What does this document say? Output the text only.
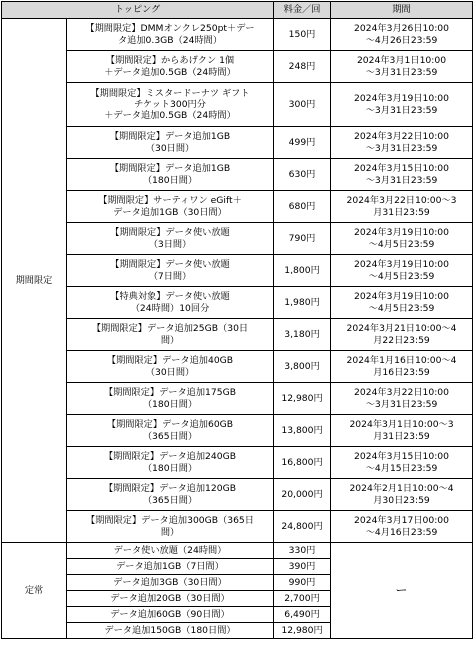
トッピング		料金／回	期間
期間限定	【期間限定】DMMオンクレ250pt＋デー
タ追加0.3GB（24時間）	150円	2024年3月26日10:00
～4月26日23:59
	【期間限定】からあげクン 1個
＋データ追加0.5GB（24時間）	248円	2024年3月1日10:00
～3月31日23:59
	【期間限定】ミスタードーナツ ギフト
チケット300円分
＋データ追加0.5GB（24時間）	300円	2024年3月19日10:00
～3月31日23:59
	【期間限定】データ追加1GB
（30日間）	499円	2024年3月22日10:00
～3月31日23:59
	【期間限定】データ追加1GB
（180日間）	630円	2024年3月15日10:00
～3月31日23:59
	【期間限定】サーティワン eGift＋
データ追加1GB（30日間）	680円	2024年3月22日10:00～3
月31日23:59
	【期間限定】データ使い放題
（3日間）	790円	2024年3月19日10:00
～4月5日23:59
	【期間限定】データ使い放題
（7日間）	1,800円	2024年3月19日10:00
～4月5日23:59
	【特典対象】データ使い放題
（24時間）10回分	1,980円	2024年3月19日10:00
～4月5日23:59
	【期間限定】データ追加25GB（30日
間）	3,180円	2024年3月21日10:00～4
月22日23:59
	【期間限定】データ追加40GB
（30日間）	3,800円	2024年1月16日10:00～4
月16日23:59
	【期間限定】データ追加175GB
（180日間）	12,980円	2024年3月22日10:00
～3月31日23:59
	【期間限定】データ追加60GB
（365日間）	13,800円	2024年3月1日10:00～3
月31日23:59
	【期間限定】データ追加240GB
（180日間）	16,800円	2024年3月15日10:00
～4月15日23:59
	【期間限定】データ追加120GB
（365日間）	20,000円	2024年2月1日10:00～4
月30日23:59
	【期間限定】データ追加300GB（365日
間）	24,800円	2024年3月17日00:00
～4月16日23:59
定常	データ使い放題（24時間）	330円	ー
	データ追加1GB（7日間）	390円	
	データ追加3GB（30日間）	990円	
	データ追加20GB（30日間）	2,700円	
	データ追加60GB（90日間）	6,490円	
	データ追加150GB（180日間）	12,980円	
